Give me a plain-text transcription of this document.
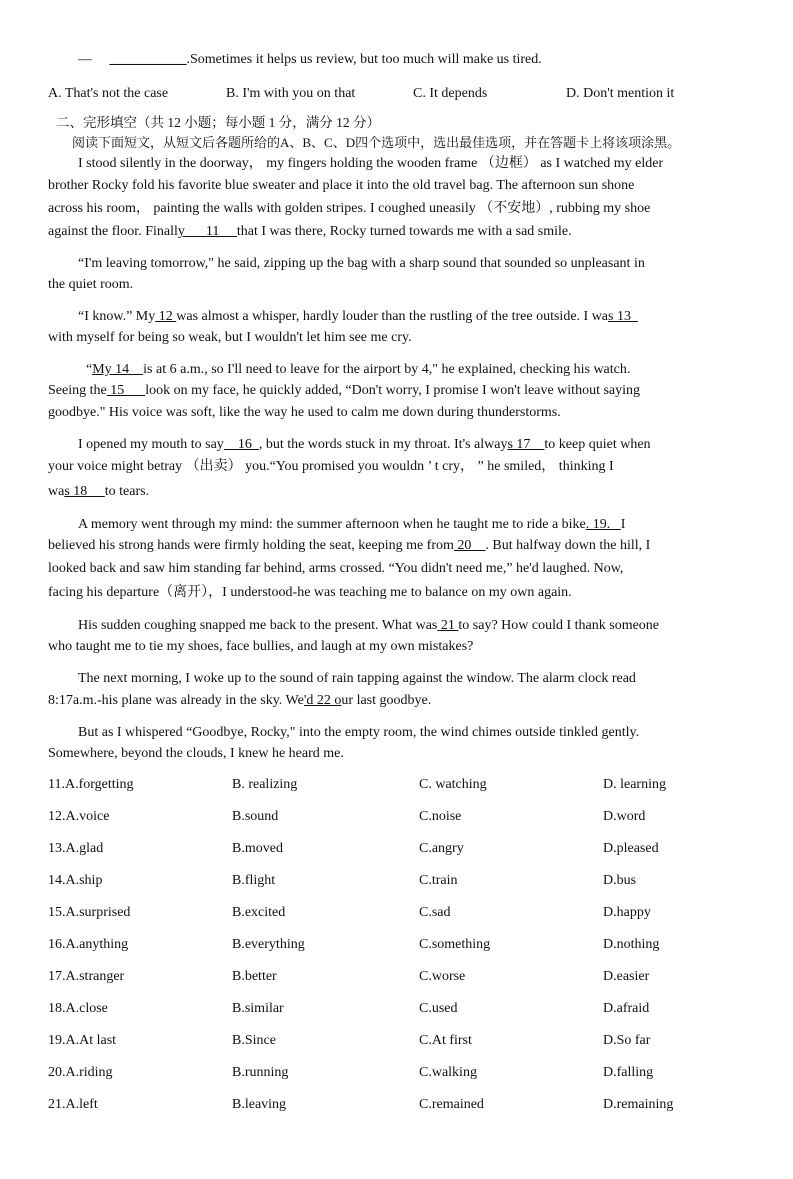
— ___________.Sometimes it helps us review, but too much will make us tired.
A. That's not the case	B. I'm with you on that	C. It depends	D. Don't mention it
二、完形填空（共 12 小题；每小题 1 分，满分 12 分）
阅读下面短文，从短文后各题所给的A、B、C、D四个选项中，选出最佳选项，并在答题卡上将该项涂黑。
I stood silently in the doorway， my fingers holding the wooden frame （边框） as I watched my elder
brother Rocky fold his favorite blue sweater and place it into the old travel bag. The afternoon sun shone
across his room， painting the walls with golden stripes. I coughed uneasily （不安地）, rubbing my shoe
against the floor. Finally      11     that I was there, Rocky turned towards me with a sad smile.
“I'm leaving tomorrow," he said, zipping up the bag with a sharp sound that sounded so unpleasant in
the quiet room.
“I know.” My 12 was almost a whisper, hardly louder than the rustling of the tree outside. I was 13
with myself for being so weak, but I wouldn't let him see me cry.
“My 14    is at 6 a.m., so I'll need to leave for the airport by 4," he explained, checking his watch.
Seeing the 15      look on my face, he quickly added, “Don't worry, I promise I won't leave without saying
goodbye." His voice was soft, like the way he used to calm me down during thunderstorms.
I opened my mouth to say    16  , but the words stuck in my throat. It's always 17    to keep quiet when
your voice might betray （出卖） you.“You promised you wouldn ’ t cry， ” he smiled， thinking I
was 18     to tears.
A memory went through my mind: the summer afternoon when he taught me to ride a bike. 19.   I
believed his strong hands were firmly holding the seat, keeping me from 20    . But halfway down the hill, I
looked back and saw him standing far behind, arms crossed. “You didn't need me,” he'd laughed. Now,
facing his departure（离开），I understood-he was teaching me to balance on my own again.
His sudden coughing snapped me back to the present. What was 21 to say? How could I thank someone
who taught me to tie my shoes, face bullies, and laugh at my own mistakes?
The next morning, I woke up to the sound of rain tapping against the window. The alarm clock read
8:17a.m.-his plane was already in the sky. We'd 22 our last goodbye.
But as I whispered “Goodbye, Rocky," into the empty room, the wind chimes outside tinkled gently.
Somewhere, beyond the clouds, I knew he heard me.
11.A.forgetting	B. realizing	C. watching	D. learning
12.A.voice	B.sound	C.noise	D.word
13.A.glad	B.moved	C.angry	D.pleased
14.A.ship	B.flight	C.train	D.bus
15.A.surprised	B.excited	C.sad	D.happy
16.A.anything	B.everything	C.something	D.nothing
17.A.stranger	B.better	C.worse	D.easier
18.A.close	B.similar	C.used	D.afraid
19.A.At last	B.Since	C.At first	D.So far
20.A.riding	B.running	C.walking	D.falling
21.A.left	B.leaving	C.remained	D.remaining
